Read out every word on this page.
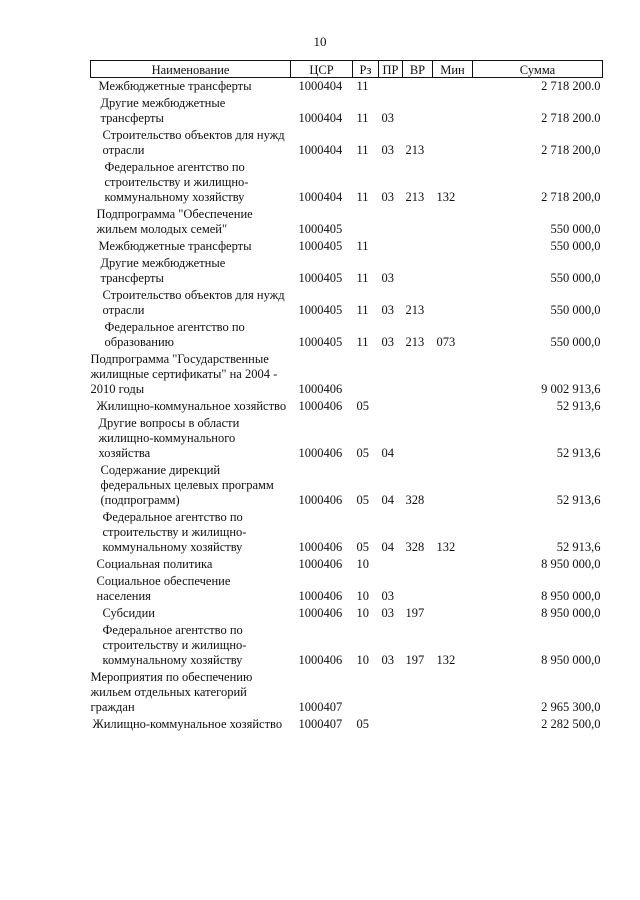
10
Наименование	ЦСР	Рз	ПР	ВР	Мин	Сумма
Межбюджетные трансферты	1000404	11				2 718 200.0
Другие межбюджетные трансферты	1000404	11	03			2 718 200.0
Строительство объектов для нужд отрасли	1000404	11	03	213		2 718 200,0
Федеральное агентство по строительству и жилищно-коммунальному хозяйству	1000404	11	03	213	132	2 718 200,0
Подпрограмма "Обеспечение жильем молодых семей"	1000405					550 000,0
Межбюджетные трансферты	1000405	11				550 000,0
Другие межбюджетные трансферты	1000405	11	03			550 000,0
Строительство объектов для нужд отрасли	1000405	11	03	213		550 000,0
Федеральное агентство по образованию	1000405	11	03	213	073	550 000,0
Подпрограмма "Государственные жилищные сертификаты" на 2004 - 2010 годы	1000406					9 002 913,6
Жилищно-коммунальное хозяйство	1000406	05				52 913,6
Другие вопросы в области жилищно-коммунального хозяйства	1000406	05	04			52 913,6
Содержание дирекций федеральных целевых программ (подпрограмм)	1000406	05	04	328		52 913,6
Федеральное агентство по строительству и жилищно-коммунальному хозяйству	1000406	05	04	328	132	52 913,6
Социальная политика	1000406	10				8 950 000,0
Социальное обеспечение населения	1000406	10	03			8 950 000,0
Субсидии	1000406	10	03	197		8 950 000,0
Федеральное агентство по строительству и жилищно-коммунальному хозяйству	1000406	10	03	197	132	8 950 000,0
Мероприятия по обеспечению жильем отдельных категорий граждан	1000407					2 965 300,0
Жилищно-коммунальное хозяйство	1000407	05				2 282 500,0
